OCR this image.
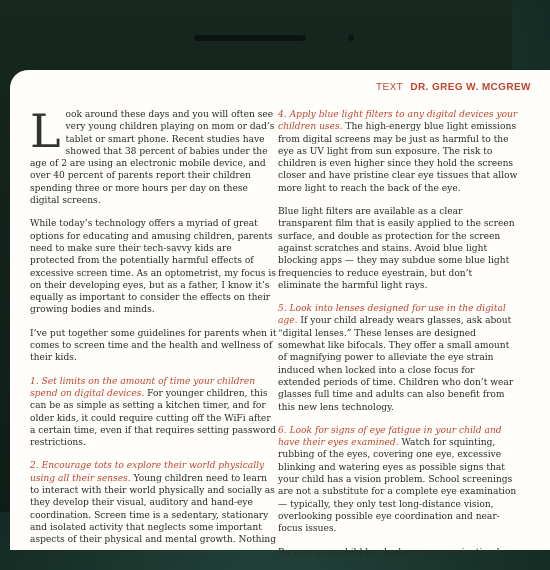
TEXT DR. GREG W. MCGREW

Look around these days and you will often see very young children playing on mom or dad’s tablet or smart phone. Recent studies have showed that 38 percent of babies under the age of 2 are using an electronic mobile device, and over 40 percent of parents report their children spending three or more hours per day on these digital screens.

While today’s technology offers a myriad of great options for educating and amusing children, parents need to make sure their tech-savvy kids are protected from the potentially harmful effects of excessive screen time. As an optometrist, my focus is on their developing eyes, but as a father, I know it’s equally as important to consider the effects on their growing bodies and minds.

I’ve put together some guidelines for parents when it comes to screen time and the health and wellness of their kids.

1. Set limits on the amount of time your children spend on digital devices. For younger children, this can be as simple as setting a kitchen timer, and for older kids, it could require cutting off the WiFi after a certain time, even if that requires setting password restrictions.

2. Encourage tots to explore their world physically using all their senses. Young children need to learn to interact with their world physically and socially as they develop their visual, auditory and hand-eye coordination. Screen time is a sedentary, stationary and isolated activity that neglects some important aspects of their physical and mental growth. Nothing

4. Apply blue light filters to any digital devices your children uses. The high-energy blue light emissions from digital screens may be just as harmful to the eye as UV light from sun exposure. The risk to children is even higher since they hold the screens closer and have pristine clear eye tissues that allow more light to reach the back of the eye.

Blue light filters are available as a clear transparent film that is easily applied to the screen surface, and double as protection for the screen against scratches and stains. Avoid blue light blocking apps — they may subdue some blue light frequencies to reduce eyestrain, but don’t eliminate the harmful light rays.

5. Look into lenses designed for use in the digital age. If your child already wears glasses, ask about “digital lenses.” These lenses are designed somewhat like bifocals. They offer a small amount of magnifying power to alleviate the eye strain induced when locked into a close focus for extended periods of time. Children who don’t wear glasses full time and adults can also benefit from this new lens technology.

6. Look for signs of eye fatigue in your child and have their eyes examined. Watch for squinting, rubbing of the eyes, covering one eye, excessive blinking and watering eyes as possible signs that your child has a vision problem. School screenings are not a substitute for a complete eye examination — typically, they only test long-distance vision, overlooking possible eye coordination and near-focus issues.

Be sure your child has had an eye examination by
